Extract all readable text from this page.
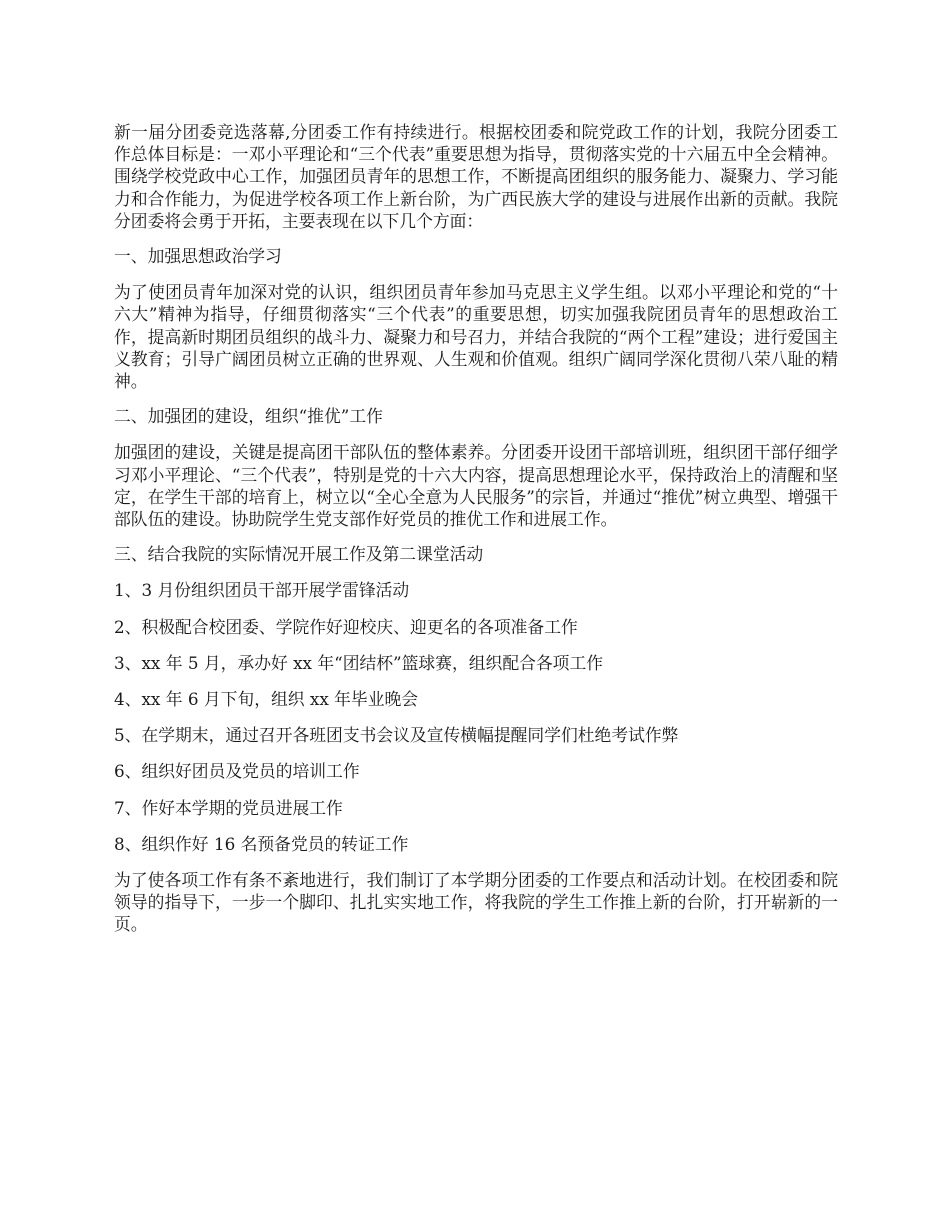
新一届分团委竞选落幕,分团委工作有持续进行。根据校团委和院党政工作的计划，我院分团委工作总体目标是：一邓小平理论和“三个代表”重要思想为指导，贯彻落实党的十六届五中全会精神。围绕学校党政中心工作，加强团员青年的思想工作，不断提高团组织的服务能力、凝聚力、学习能力和合作能力，为促进学校各项工作上新台阶，为广西民族大学的建设与进展作出新的贡献。我院分团委将会勇于开拓，主要表现在以下几个方面：

一、加强思想政治学习

为了使团员青年加深对党的认识，组织团员青年参加马克思主义学生组。以邓小平理论和党的“十六大”精神为指导，仔细贯彻落实“三个代表”的重要思想，切实加强我院团员青年的思想政治工作，提高新时期团员组织的战斗力、凝聚力和号召力，并结合我院的“两个工程”建设；进行爱国主义教育；引导广阔团员树立正确的世界观、人生观和价值观。组织广阔同学深化贯彻八荣八耻的精神。

二、加强团的建设，组织“推优”工作

加强团的建设，关键是提高团干部队伍的整体素养。分团委开设团干部培训班，组织团干部仔细学习邓小平理论、“三个代表”，特别是党的十六大内容，提高思想理论水平，保持政治上的清醒和坚定，在学生干部的培育上，树立以“全心全意为人民服务”的宗旨，并通过“推优”树立典型、增强干部队伍的建设。协助院学生党支部作好党员的推优工作和进展工作。

三、结合我院的实际情况开展工作及第二课堂活动

1、3 月份组织团员干部开展学雷锋活动

2、积极配合校团委、学院作好迎校庆、迎更名的各项准备工作

3、xx 年 5 月，承办好 xx 年“团结杯”篮球赛，组织配合各项工作

4、xx 年 6 月下旬，组织 xx 年毕业晚会

5、在学期末，通过召开各班团支书会议及宣传横幅提醒同学们杜绝考试作弊

6、组织好团员及党员的培训工作

7、作好本学期的党员进展工作

8、组织作好 16 名预备党员的转证工作

为了使各项工作有条不紊地进行，我们制订了本学期分团委的工作要点和活动计划。在校团委和院领导的指导下，一步一个脚印、扎扎实实地工作，将我院的学生工作推上新的台阶，打开崭新的一页。
